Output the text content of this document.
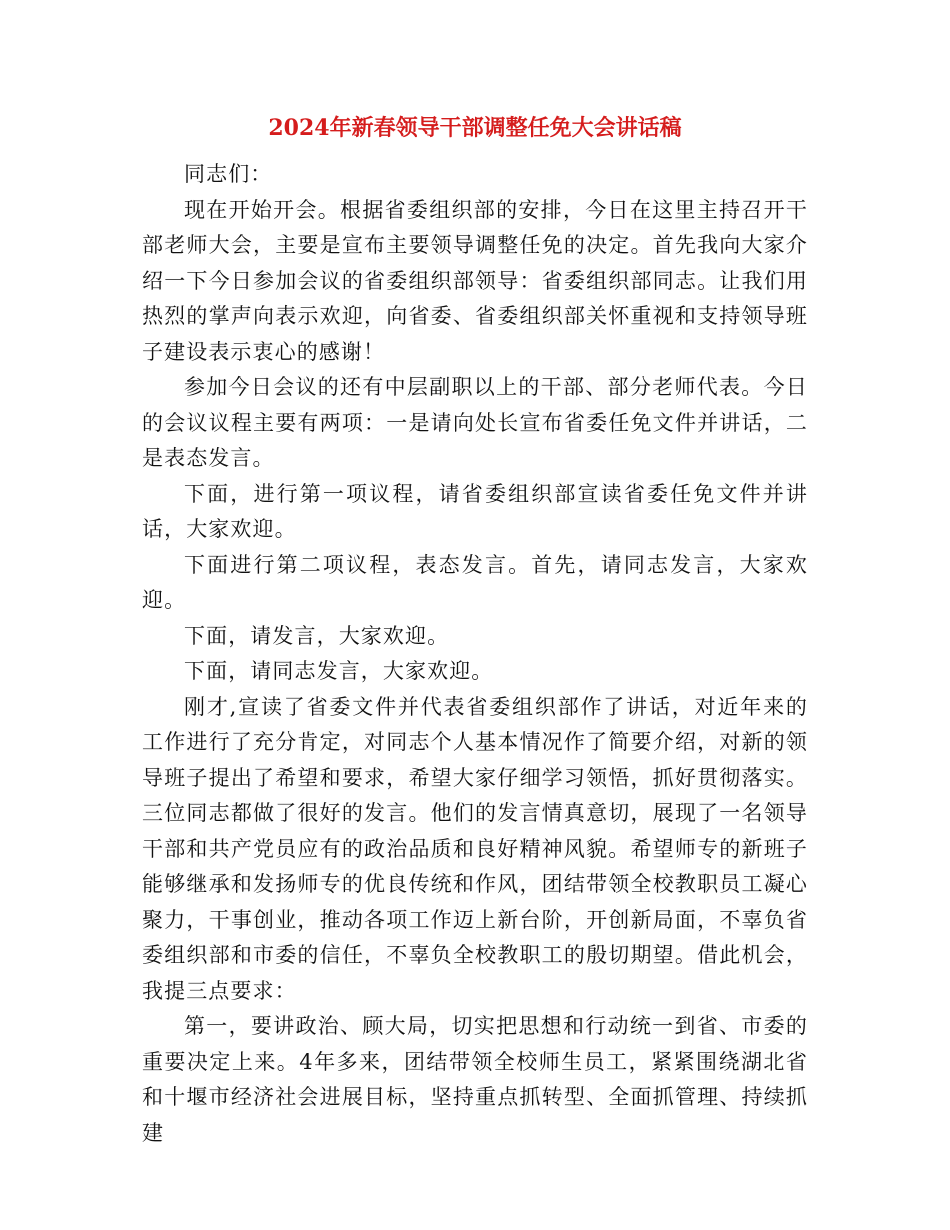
2024年新春领导干部调整任免大会讲话稿

同志们：

现在开始开会。根据省委组织部的安排，今日在这里主持召开干部老师大会，主要是宣布主要领导调整任免的决定。首先我向大家介绍一下今日参加会议的省委组织部领导：省委组织部同志。让我们用热烈的掌声向表示欢迎，向省委、省委组织部关怀重视和支持领导班子建设表示衷心的感谢！

参加今日会议的还有中层副职以上的干部、部分老师代表。今日的会议议程主要有两项：一是请向处长宣布省委任免文件并讲话，二是表态发言。

下面，进行第一项议程，请省委组织部宣读省委任免文件并讲话，大家欢迎。

下面进行第二项议程，表态发言。首先，请同志发言，大家欢迎。

下面，请发言，大家欢迎。

下面，请同志发言，大家欢迎。

刚才,宣读了省委文件并代表省委组织部作了讲话，对近年来的工作进行了充分肯定，对同志个人基本情况作了简要介绍，对新的领导班子提出了希望和要求，希望大家仔细学习领悟，抓好贯彻落实。三位同志都做了很好的发言。他们的发言情真意切，展现了一名领导干部和共产党员应有的政治品质和良好精神风貌。希望师专的新班子能够继承和发扬师专的优良传统和作风，团结带领全校教职员工凝心聚力，干事创业，推动各项工作迈上新台阶，开创新局面，不辜负省委组织部和市委的信任，不辜负全校教职工的殷切期望。借此机会，我提三点要求：

第一，要讲政治、顾大局，切实把思想和行动统一到省、市委的重要决定上来。4年多来，团结带领全校师生员工，紧紧围绕湖北省和十堰市经济社会进展目标，坚持重点抓转型、全面抓管理、持续抓建
